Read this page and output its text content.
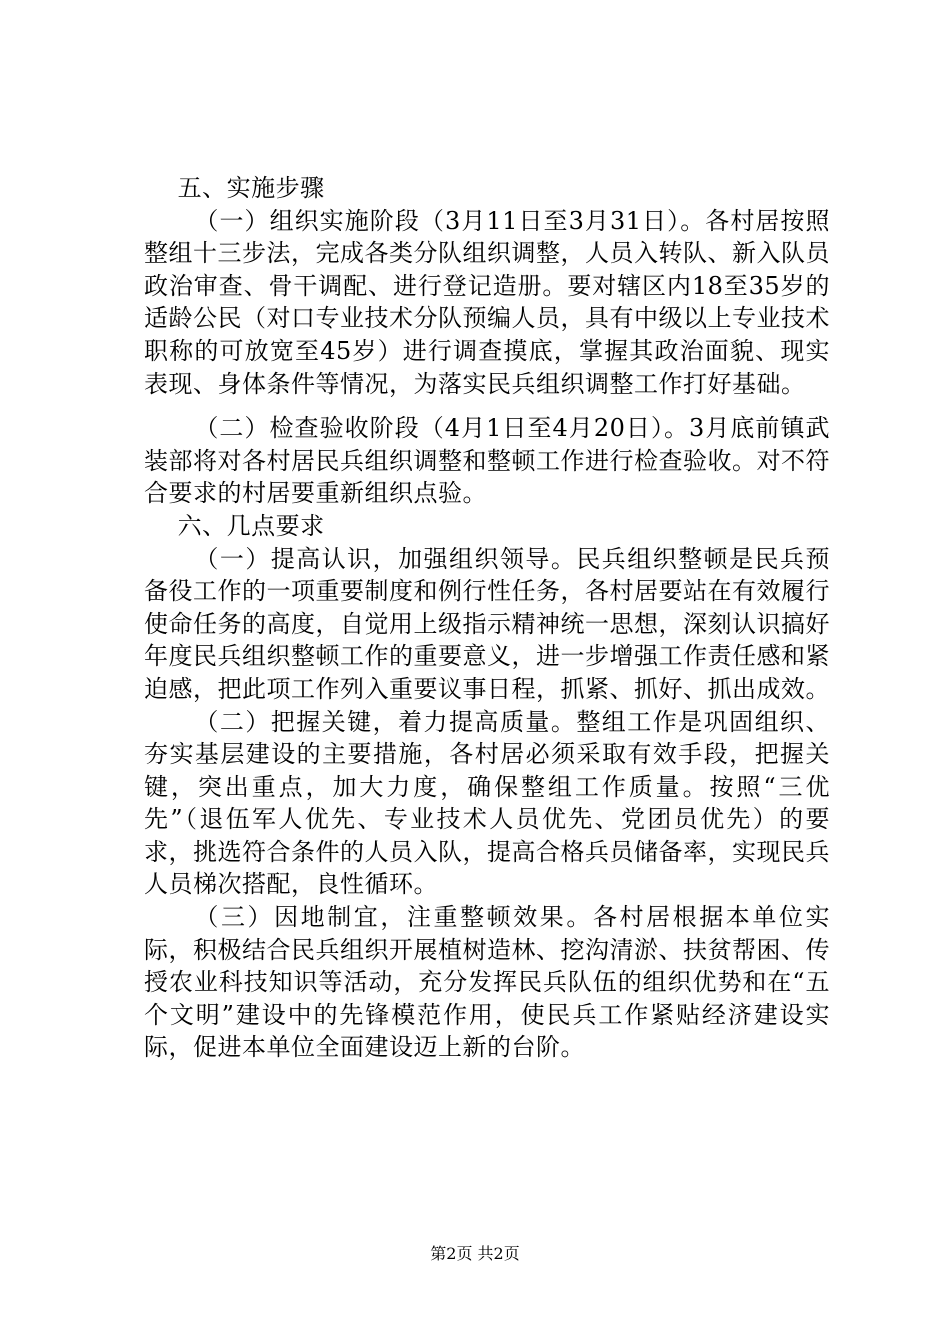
五、实施步骤

（一）组织实施阶段（3月11日至3月31日）。各村居按照整组十三步法，完成各类分队组织调整，人员入转队、新入队员政治审查、骨干调配、进行登记造册。要对辖区内18至35岁的适龄公民（对口专业技术分队预编人员，具有中级以上专业技术职称的可放宽至45岁）进行调查摸底，掌握其政治面貌、现实表现、身体条件等情况，为落实民兵组织调整工作打好基础。

（二）检查验收阶段（4月1日至4月20日）。3月底前镇武装部将对各村居民兵组织调整和整顿工作进行检查验收。对不符合要求的村居要重新组织点验。

六、几点要求

（一）提高认识，加强组织领导。民兵组织整顿是民兵预备役工作的一项重要制度和例行性任务，各村居要站在有效履行使命任务的高度，自觉用上级指示精神统一思想，深刻认识搞好年度民兵组织整顿工作的重要意义，进一步增强工作责任感和紧迫感，把此项工作列入重要议事日程，抓紧、抓好、抓出成效。

（二）把握关键，着力提高质量。整组工作是巩固组织、夯实基层建设的主要措施，各村居必须采取有效手段，把握关键，突出重点，加大力度，确保整组工作质量。按照“三优先”（退伍军人优先、专业技术人员优先、党团员优先）的要求，挑选符合条件的人员入队，提高合格兵员储备率，实现民兵人员梯次搭配，良性循环。

（三）因地制宜，注重整顿效果。各村居根据本单位实际，积极结合民兵组织开展植树造林、挖沟清淤、扶贫帮困、传授农业科技知识等活动，充分发挥民兵队伍的组织优势和在“五个文明”建设中的先锋模范作用，使民兵工作紧贴经济建设实际，促进本单位全面建设迈上新的台阶。

第2页 共2页
